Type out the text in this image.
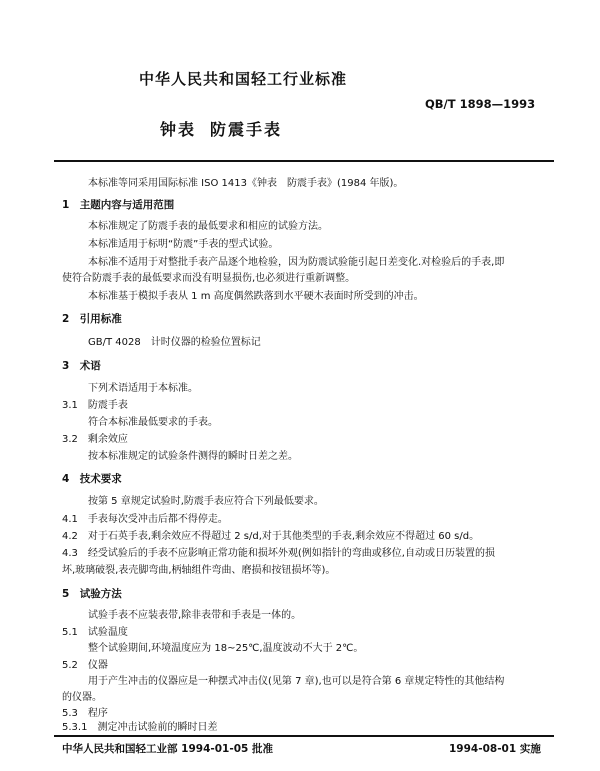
中华人民共和国轻工行业标准
QB/T 1898—1993
钟表 防震手表
本标准等同采用国际标准 ISO 1413《钟表　防震手表》(1984 年版)。
1　主题内容与适用范围
本标准规定了防震手表的最低要求和相应的试验方法。
本标准适用于标明“防震”手表的型式试验。
本标准不适用于对整批手表产品逐个地检验，因为防震试验能引起日差变化.对检验后的手表,即
使符合防震手表的最低要求而没有明显损伤,也必须进行重新调整。
本标准基于模拟手表从 1 m 高度偶然跌落到水平硬木表面时所受到的冲击。
2　引用标准
GB/T 4028　计时仪器的检验位置标记
3　术语
下列术语适用于本标准。
3.1　防震手表
符合本标准最低要求的手表。
3.2　剩余效应
按本标准规定的试验条件测得的瞬时日差之差。
4　技术要求
按第 5 章规定试验时,防震手表应符合下列最低要求。
4.1　手表每次受冲击后都不得停走。
4.2　对于石英手表,剩余效应不得超过 2 s/d,对于其他类型的手表,剩余效应不得超过 60 s/d。
4.3　经受试验后的手表不应影响正常功能和损坏外观(例如指针的弯曲或移位,自动或日历装置的损
坏,玻璃破裂,表壳脚弯曲,柄轴组件弯曲、磨损和按钮损坏等)。
5　试验方法
试验手表不应装表带,除非表带和手表是一体的。
5.1　试验温度
整个试验期间,环境温度应为 18~25℃,温度波动不大于 2℃。
5.2　仪器
用于产生冲击的仪器应是一种摆式冲击仪(见第 7 章),也可以是符合第 6 章规定特性的其他结构
的仪器。
5.3　程序
5.3.1　测定冲击试验前的瞬时日差
中华人民共和国轻工业部 1994-01-05 批准	1994-08-01 实施
